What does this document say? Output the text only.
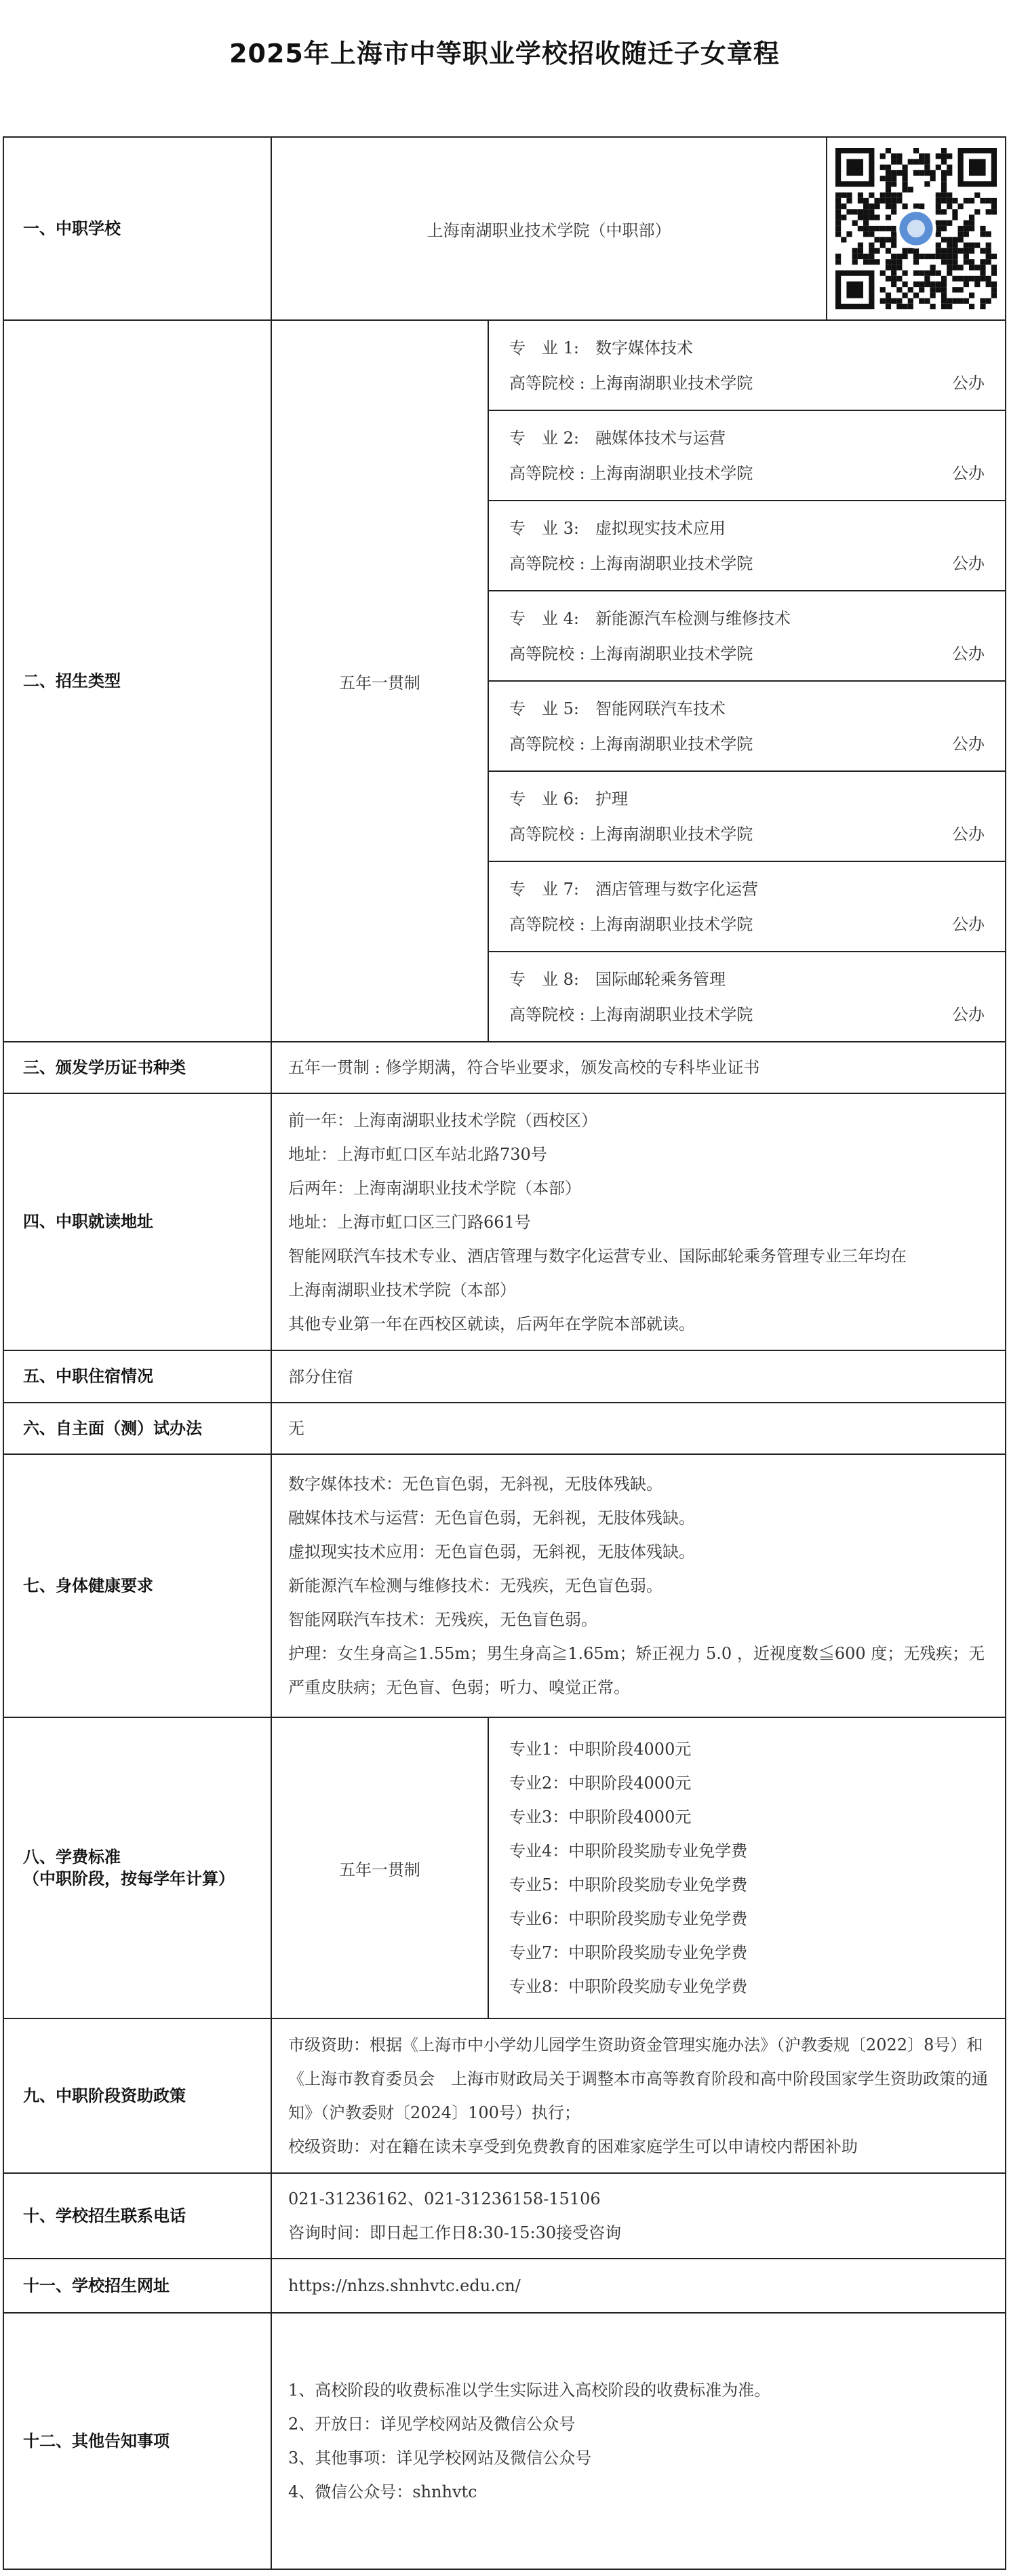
2025年上海市中等职业学校招收随迁子女章程
一、中职学校	上海南湖职业技术学院（中职部）

二、招生类型	五年一贯制	
专　业 1:　数字媒体技术
高等院校 : 上海南湖职业技术学院	公办

专　业 2:　融媒体技术与运营
高等院校 : 上海南湖职业技术学院	公办

专　业 3:　虚拟现实技术应用
高等院校 : 上海南湖职业技术学院	公办

专　业 4:　新能源汽车检测与维修技术
高等院校 : 上海南湖职业技术学院	公办

专　业 5:　智能网联汽车技术
高等院校 : 上海南湖职业技术学院	公办

专　业 6:　护理
高等院校 : 上海南湖职业技术学院	公办

专　业 7:　酒店管理与数字化运营
高等院校 : 上海南湖职业技术学院	公办

专　业 8:　国际邮轮乘务管理
高等院校 : 上海南湖职业技术学院	公办

三、颁发学历证书种类	五年一贯制 : 修学期满，符合毕业要求，颁发高校的专科毕业证书
四、中职就读地址	
前一年：上海南湖职业技术学院（西校区）
地址：上海市虹口区车站北路730号
后两年：上海南湖职业技术学院（本部）
地址：上海市虹口区三门路661号
智能网联汽车技术专业、酒店管理与数字化运营专业、国际邮轮乘务管理专业三年均在
上海南湖职业技术学院（本部）
其他专业第一年在西校区就读，后两年在学院本部就读。

五、中职住宿情况	部分住宿
六、自主面（测）试办法	无
七、身体健康要求	
数字媒体技术：无色盲色弱，无斜视，无肢体残缺。
融媒体技术与运营：无色盲色弱，无斜视，无肢体残缺。
虚拟现实技术应用：无色盲色弱，无斜视，无肢体残缺。
新能源汽车检测与维修技术：无残疾，无色盲色弱。
智能网联汽车技术：无残疾，无色盲色弱。
护理：女生身高≧1.55m；男生身高≧1.65m；矫正视力 5.0 ，近视度数≦600 度；无残疾；无严重皮肤病；无色盲、色弱；听力、嗅觉正常。

八、学费标准
（中职阶段，按每学年计算）	五年一贯制	
专业1：中职阶段4000元
专业2：中职阶段4000元
专业3：中职阶段4000元
专业4：中职阶段奖励专业免学费
专业5：中职阶段奖励专业免学费
专业6：中职阶段奖励专业免学费
专业7：中职阶段奖励专业免学费
专业8：中职阶段奖励专业免学费

九、中职阶段资助政策	
市级资助：根据《上海市中小学幼儿园学生资助资金管理实施办法》（沪教委规〔2022〕8号）和《上海市教育委员会　上海市财政局关于调整本市高等教育阶段和高中阶段国家学生资助政策的通知》（沪教委财〔2024〕100号）执行；
校级资助：对在籍在读未享受到免费教育的困难家庭学生可以申请校内帮困补助

十、学校招生联系电话	
021-31236162、021-31236158-15106
咨询时间：即日起工作日8:30-15:30接受咨询

十一、学校招生网址	https://nhzs.shnhvtc.edu.cn/
十二、其他告知事项	
1、高校阶段的收费标准以学生实际进入高校阶段的收费标准为准。
2、开放日：详见学校网站及微信公众号
3、其他事项：详见学校网站及微信公众号
4、微信公众号：shnhvtc
